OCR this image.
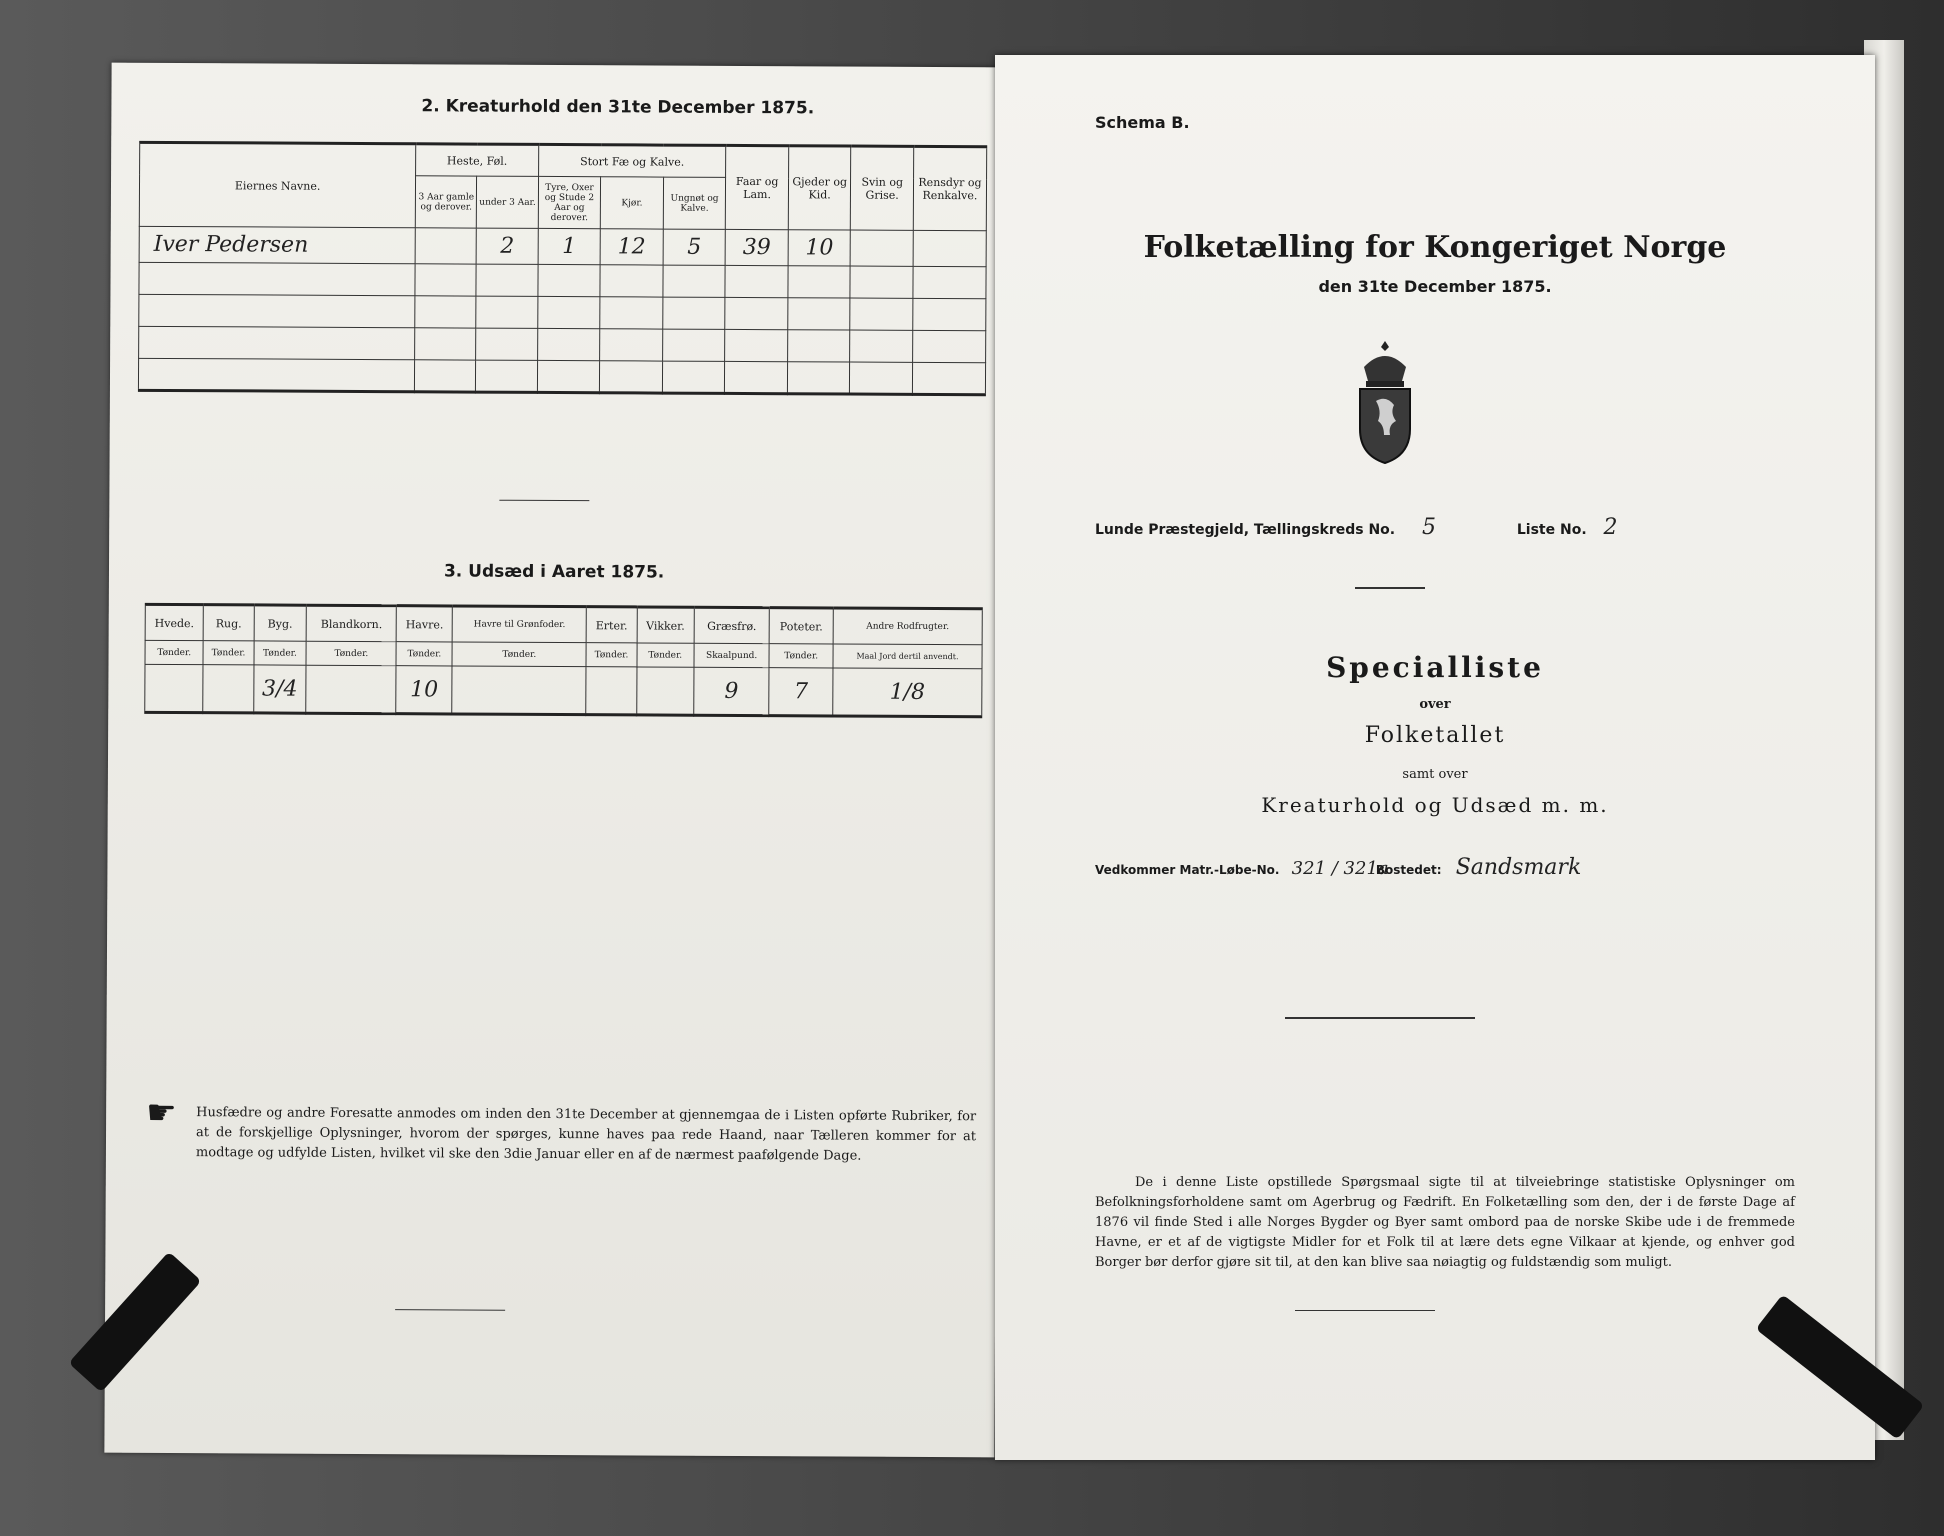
2. Kreaturhold den 31te December 1875.
Eiernes Navne.	Heste, Føl.		Stort Fæ og Kalve.			Faar og Lam.	Gjeder og Kid.	Svin og Grise.	Rensdyr og Renkalve.
	3 Aar gamle og derover.	under 3 Aar.	Tyre, Oxer og Stude 2 Aar og derover.	Kjør.	Ungnøt og Kalve.				
Iver Pedersen		2	1	12	5	39	10		

3. Udsæd i Aaret 1875.
Hvede.	Rug.	Byg.	Blandkorn.	Havre.	Havre til Grønfoder.	Erter.	Vikker.	Græsfrø.	Poteter.	Andre Rodfrugter.
Tønder.	Tønder.	Tønder.	Tønder.	Tønder.	Tønder.	Tønder.	Tønder.	Skaalpund.	Tønder.	Maal Jord dertil anvendt.
		3/4		10				9	7	1/8
☛ Husfædre og andre Foresatte anmodes om inden den 31te December at gjennemgaa de i Listen opførte Rubriker, for at de forskjellige Oplysninger, hvorom der spørges, kunne haves paa rede Haand, naar Tælleren kommer for at modtage og udfylde Listen, hvilket vil ske den 3die Januar eller en af de nærmest paafølgende Dage.
Schema B.
Folketælling for Kongeriget Norge
den 31te December 1875.
Lunde Præstegjeld, Tællingskreds No. 5	Liste No. 2
Specialliste
over
Folketallet
samt over
Kreaturhold og Udsæd m. m.
Vedkommer Matr.-Løbe-No. 321 / 321a Bostedet: Sandsmark
De i denne Liste opstillede Spørgsmaal sigte til at tilveiebringe statistiske Oplysninger om Befolkningsforholdene samt om Agerbrug og Fædrift. En Folketælling som den, der i de første Dage af 1876 vil finde Sted i alle Norges Bygder og Byer samt ombord paa de norske Skibe ude i de fremmede Havne, er et af de vigtigste Midler for et Folk til at lære dets egne Vilkaar at kjende, og enhver god Borger bør derfor gjøre sit til, at den kan blive saa nøiagtig og fuldstændig som muligt.
